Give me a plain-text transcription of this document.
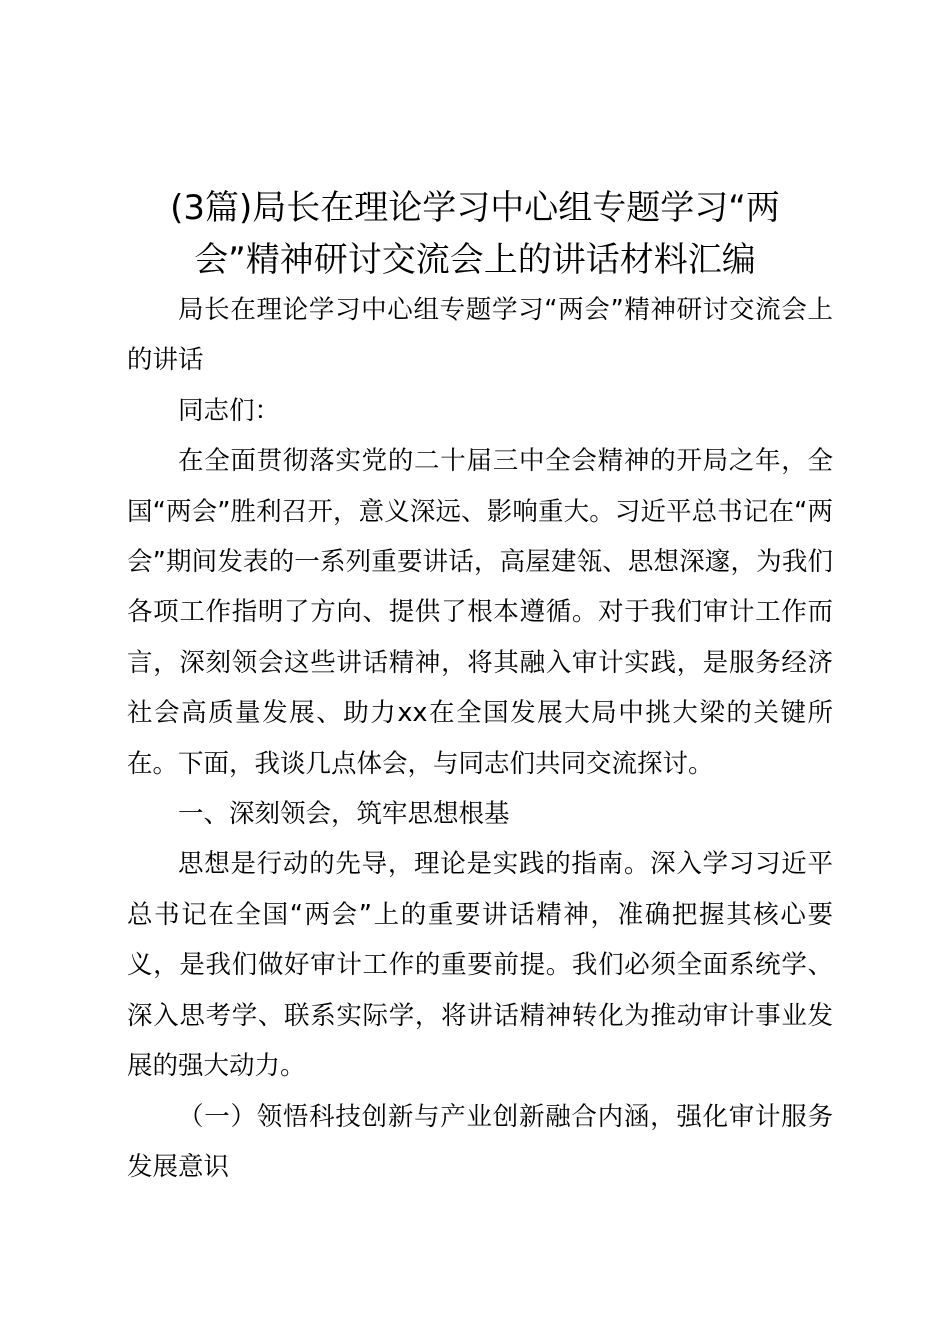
(3篇)局长在理论学习中心组专题学习“两
会”精神研讨交流会上的讲话材料汇编

局长在理论学习中心组专题学习“两会”精神研讨交流会上的讲话

同志们：

在全面贯彻落实党的二十届三中全会精神的开局之年，全国“两会”胜利召开，意义深远、影响重大。习近平总书记在“两会”期间发表的一系列重要讲话，高屋建瓴、思想深邃，为我们各项工作指明了方向、提供了根本遵循。对于我们审计工作而言，深刻领会这些讲话精神，将其融入审计实践，是服务经济社会高质量发展、助力xx在全国发展大局中挑大梁的关键所在。下面，我谈几点体会，与同志们共同交流探讨。

一、深刻领会，筑牢思想根基

思想是行动的先导，理论是实践的指南。深入学习习近平总书记在全国“两会”上的重要讲话精神，准确把握其核心要义，是我们做好审计工作的重要前提。我们必须全面系统学、深入思考学、联系实际学，将讲话精神转化为推动审计事业发展的强大动力。

（一）领悟科技创新与产业创新融合内涵，强化审计服务发展意识
